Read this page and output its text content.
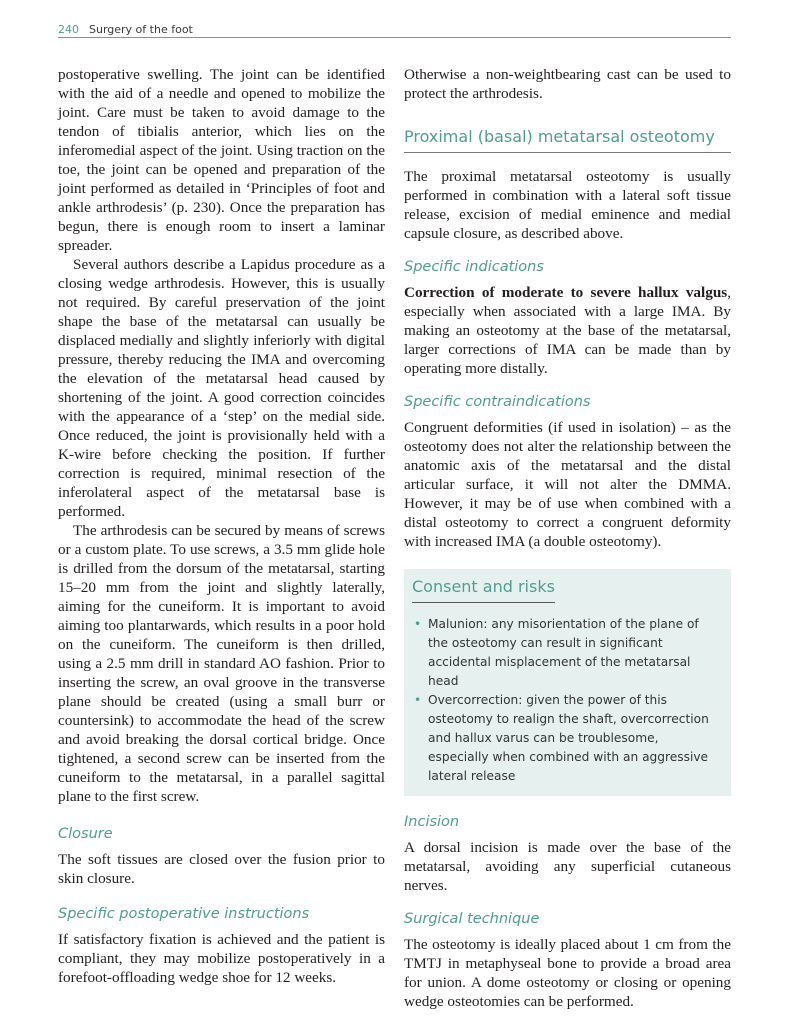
240 Surgery of the foot

postoperative swelling. The joint can be identified with the aid of a needle and opened to mobilize the joint. Care must be taken to avoid damage to the tendon of tibialis anterior, which lies on the inferomedial aspect of the joint. Using traction on the toe, the joint can be opened and preparation of the joint performed as detailed in ‘Principles of foot and ankle arthrodesis’ (p. 230). Once the preparation has begun, there is enough room to insert a laminar spreader.

Several authors describe a Lapidus procedure as a closing wedge arthrodesis. However, this is usually not required. By careful preservation of the joint shape the base of the metatarsal can usually be displaced medially and slightly inferiorly with digital pressure, thereby reducing the IMA and overcoming the elevation of the metatarsal head caused by shortening of the joint. A good correction coincides with the appearance of a ‘step’ on the medial side. Once reduced, the joint is provisionally held with a K-wire before checking the position. If further correction is required, minimal resection of the inferolateral aspect of the metatarsal base is performed.

The arthrodesis can be secured by means of screws or a custom plate. To use screws, a 3.5 mm glide hole is drilled from the dorsum of the metatarsal, starting 15–20 mm from the joint and slightly laterally, aiming for the cuneiform. It is important to avoid aiming too plantarwards, which results in a poor hold on the cuneiform. The cuneiform is then drilled, using a 2.5 mm drill in standard AO fashion. Prior to inserting the screw, an oval groove in the transverse plane should be created (using a small burr or countersink) to accommodate the head of the screw and avoid breaking the dorsal cortical bridge. Once tightened, a second screw can be inserted from the cuneiform to the metatarsal, in a parallel sagittal plane to the first screw.

Closure

The soft tissues are closed over the fusion prior to skin closure.

Specific postoperative instructions

If satisfactory fixation is achieved and the patient is compliant, they may mobilize postoperatively in a forefoot-offloading wedge shoe for 12 weeks.

Otherwise a non-weightbearing cast can be used to protect the arthrodesis.

Proximal (basal) metatarsal osteotomy

The proximal metatarsal osteotomy is usually performed in combination with a lateral soft tissue release, excision of medial eminence and medial capsule closure, as described above.

Specific indications

Correction of moderate to severe hallux valgus, especially when associated with a large IMA. By making an osteotomy at the base of the metatarsal, larger corrections of IMA can be made than by operating more distally.

Specific contraindications

Congruent deformities (if used in isolation) – as the osteotomy does not alter the relationship between the anatomic axis of the metatarsal and the distal articular surface, it will not alter the DMMA. However, it may be of use when combined with a distal osteotomy to correct a congruent deformity with increased IMA (a double osteotomy).

Consent and risks
• Malunion: any misorientation of the plane of the osteotomy can result in significant accidental misplacement of the metatarsal head
• Overcorrection: given the power of this osteotomy to realign the shaft, overcorrection and hallux varus can be troublesome, especially when combined with an aggressive lateral release
Incision

A dorsal incision is made over the base of the metatarsal, avoiding any superficial cutaneous nerves.

Surgical technique

The osteotomy is ideally placed about 1 cm from the TMTJ in metaphyseal bone to provide a broad area for union. A dome osteotomy or closing or opening wedge osteotomies can be performed.
